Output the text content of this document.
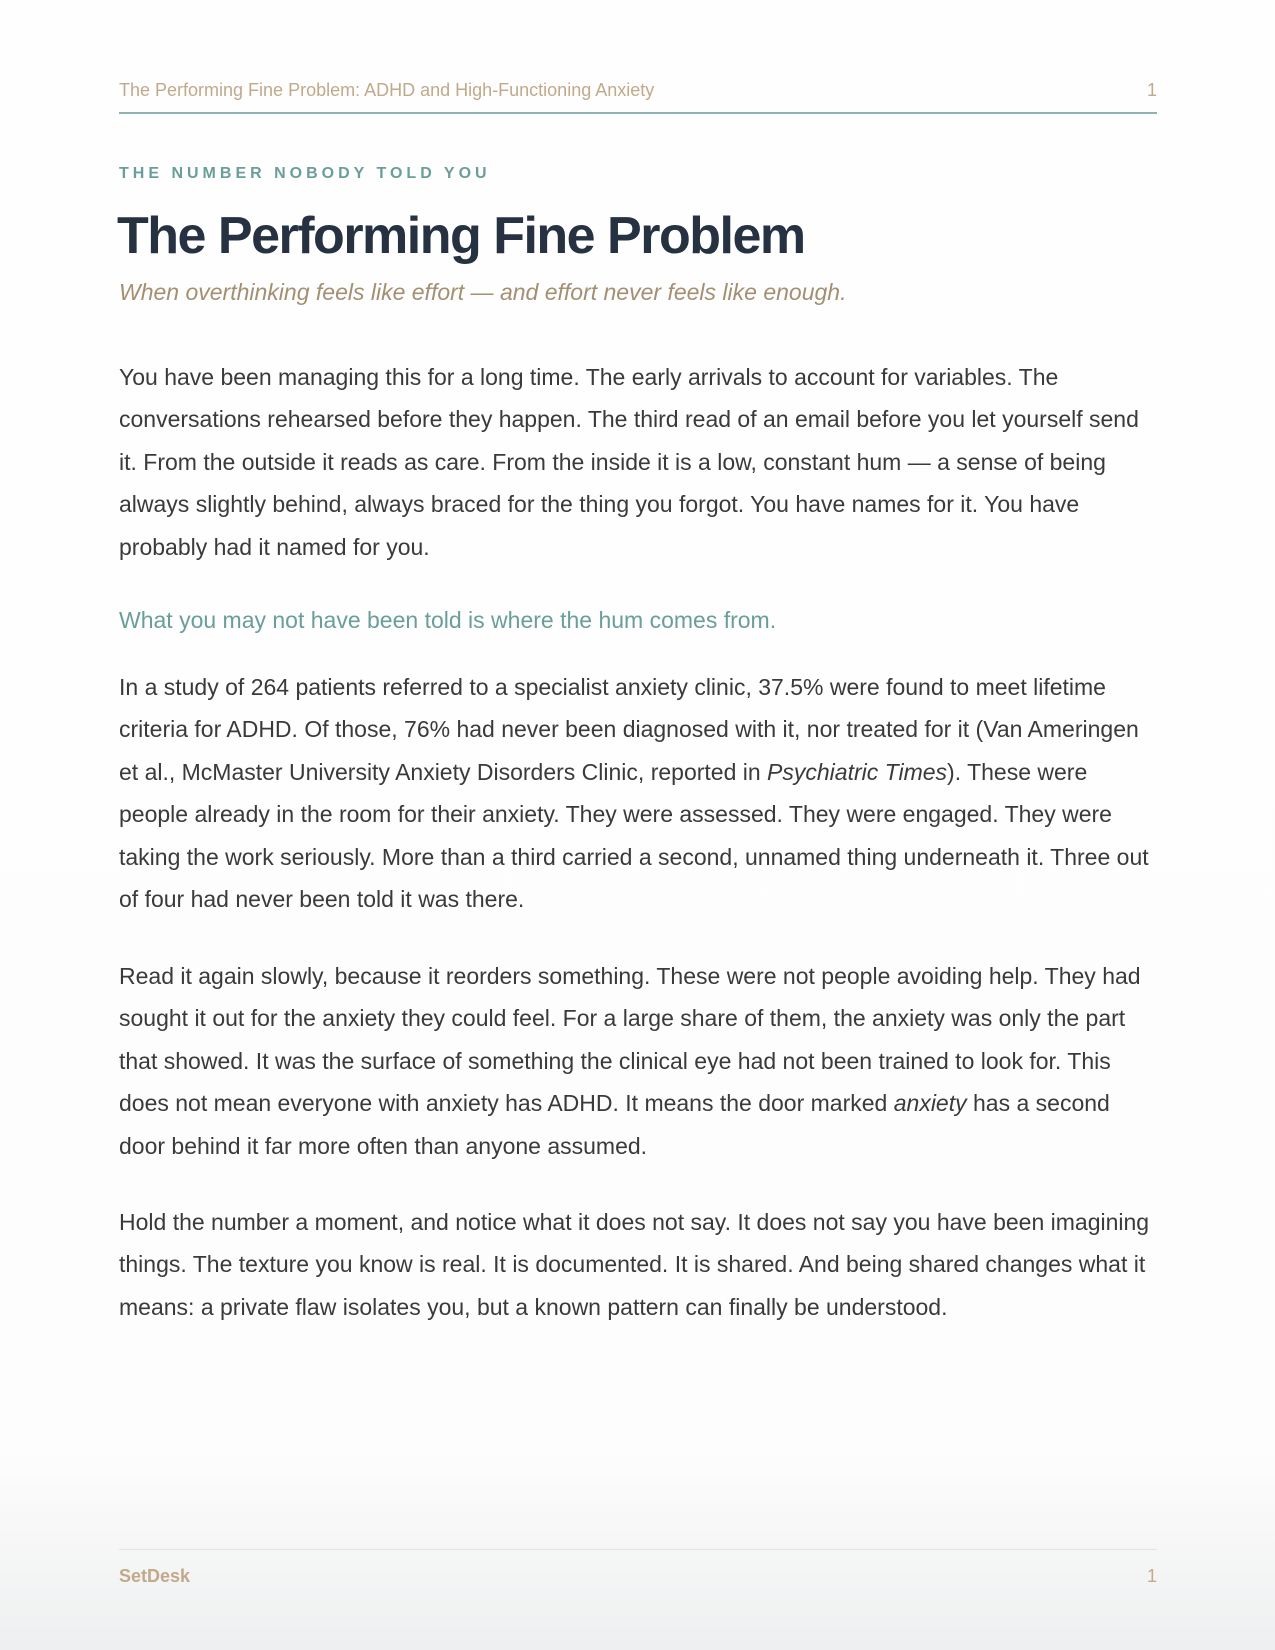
The Performing Fine Problem: ADHD and High-Functioning Anxiety	1
THE NUMBER NOBODY TOLD YOU
The Performing Fine Problem
When overthinking feels like effort — and effort never feels like enough.

You have been managing this for a long time. The early arrivals to account for variables. The conversations rehearsed before they happen. The third read of an email before you let yourself send it. From the outside it reads as care. From the inside it is a low, constant hum — a sense of being always slightly behind, always braced for the thing you forgot. You have names for it. You have probably had it named for you.

What you may not have been told is where the hum comes from.

In a study of 264 patients referred to a specialist anxiety clinic, 37.5% were found to meet lifetime criteria for ADHD. Of those, 76% had never been diagnosed with it, nor treated for it (Van Ameringen et al., McMaster University Anxiety Disorders Clinic, reported in Psychiatric Times). These were people already in the room for their anxiety. They were assessed. They were engaged. They were taking the work seriously. More than a third carried a second, unnamed thing underneath it. Three out of four had never been told it was there.

Read it again slowly, because it reorders something. These were not people avoiding help. They had sought it out for the anxiety they could feel. For a large share of them, the anxiety was only the part that showed. It was the surface of something the clinical eye had not been trained to look for. This does not mean everyone with anxiety has ADHD. It means the door marked anxiety has a second door behind it far more often than anyone assumed.

Hold the number a moment, and notice what it does not say. It does not say you have been imagining things. The texture you know is real. It is documented. It is shared. And being shared changes what it means: a private flaw isolates you, but a known pattern can finally be understood.

SetDesk	1
